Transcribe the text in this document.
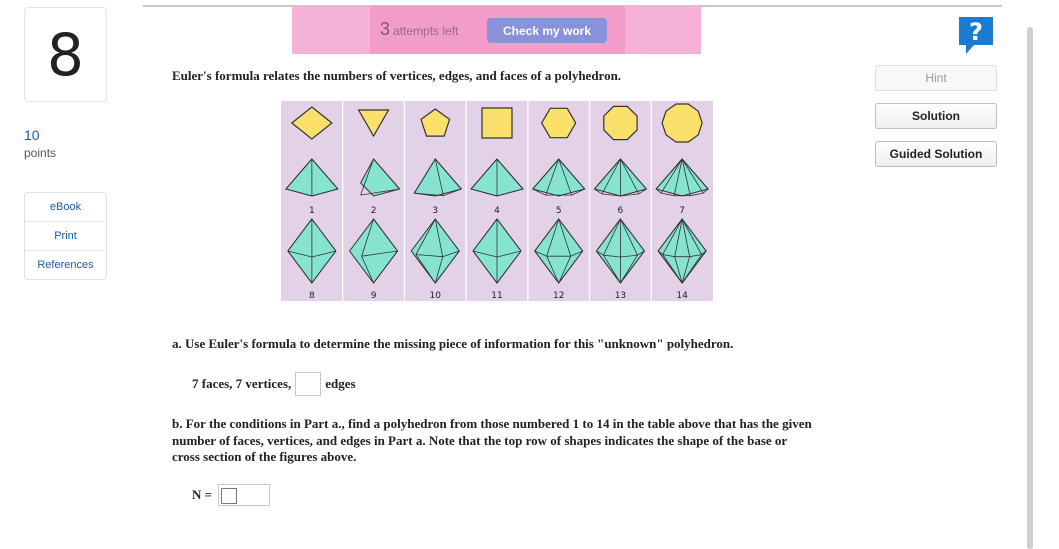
8
10
points
eBook
Print
References
3 attempts left	Check my work	?
Hint
Solution
Guided Solution
Euler's formula relates the numbers of vertices, edges, and faces of a polyhedron.
1	2	3	4	5	6	7
8	9	10	11	12	13	14
a. Use Euler's formula to determine the missing piece of information for this "unknown" polyhedron.
7 faces, 7 vertices,	edges
b. For the conditions in Part a., find a polyhedron from those numbered 1 to 14 in the table above that has the given number of faces, vertices, and edges in Part a. Note that the top row of shapes indicates the shape of the base or cross section of the figures above.
N =
